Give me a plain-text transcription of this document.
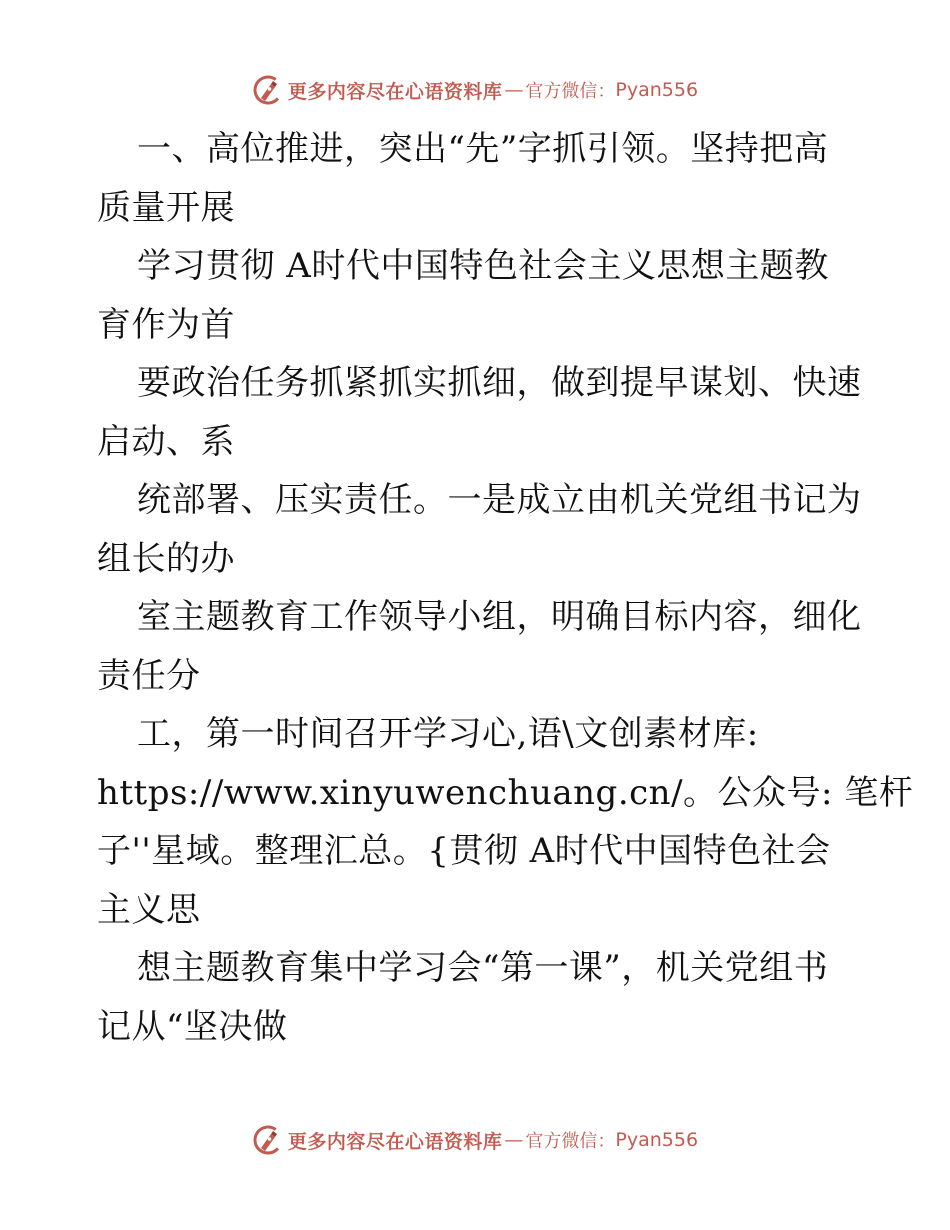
更多内容尽在心语资料库 — 官方微信： Pyan556
一、高位推进，突出“先”字抓引领。坚持把高
质量开展
学习贯彻 A时代中国特色社会主义思想主题教
育作为首
要政治任务抓紧抓实抓细，做到提早谋划、快速
启动、系
统部署、压实责任。一是成立由机关党组书记为
组长的办
室主题教育工作领导小组，明确目标内容，细化
责任分
工，第一时间召开学习心,语\文创素材库:
https://www.xinyuwenchuang.cn/。公众号: 笔杆
子''星域。整理汇总。{贯彻 A时代中国特色社会
主义思
想主题教育集中学习会“第一课”，机关党组书
记从“坚决做
更多内容尽在心语资料库 — 官方微信： Pyan556
